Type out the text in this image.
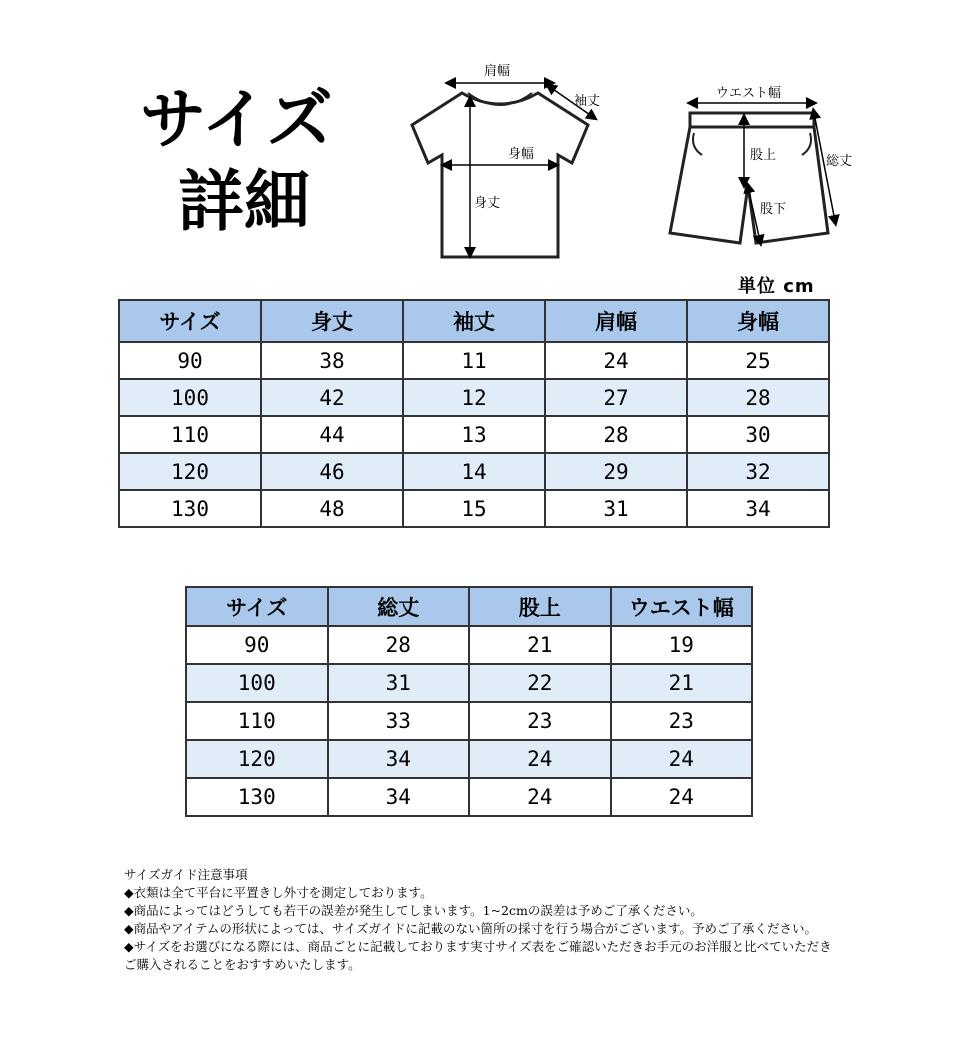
サイズ
詳細
肩幅
袖丈
身幅
身丈
ウエスト幅
股上
股下
総丈
単位 cm
サイズ	身丈	袖丈	肩幅	身幅
90	38	11	24	25
100	42	12	27	28
110	44	13	28	30
120	46	14	29	32
130	48	15	31	34
サイズ	総丈	股上	ウエスト幅
90	28	21	19
100	31	22	21
110	33	23	23
120	34	24	24
130	34	24	24
サイズガイド注意事項
◆衣類は全て平台に平置きし外寸を測定しております。
◆商品によってはどうしても若干の誤差が発生してしまいます。1~2cmの誤差は予めご了承ください。
◆商品やアイテムの形状によっては、サイズガイドに記載のない箇所の採寸を行う場合がございます。予めご了承ください。
◆サイズをお選びになる際には、商品ごとに記載しております実寸サイズ表をご確認いただきお手元のお洋服と比べていただきご購入されることをおすすめいたします。
